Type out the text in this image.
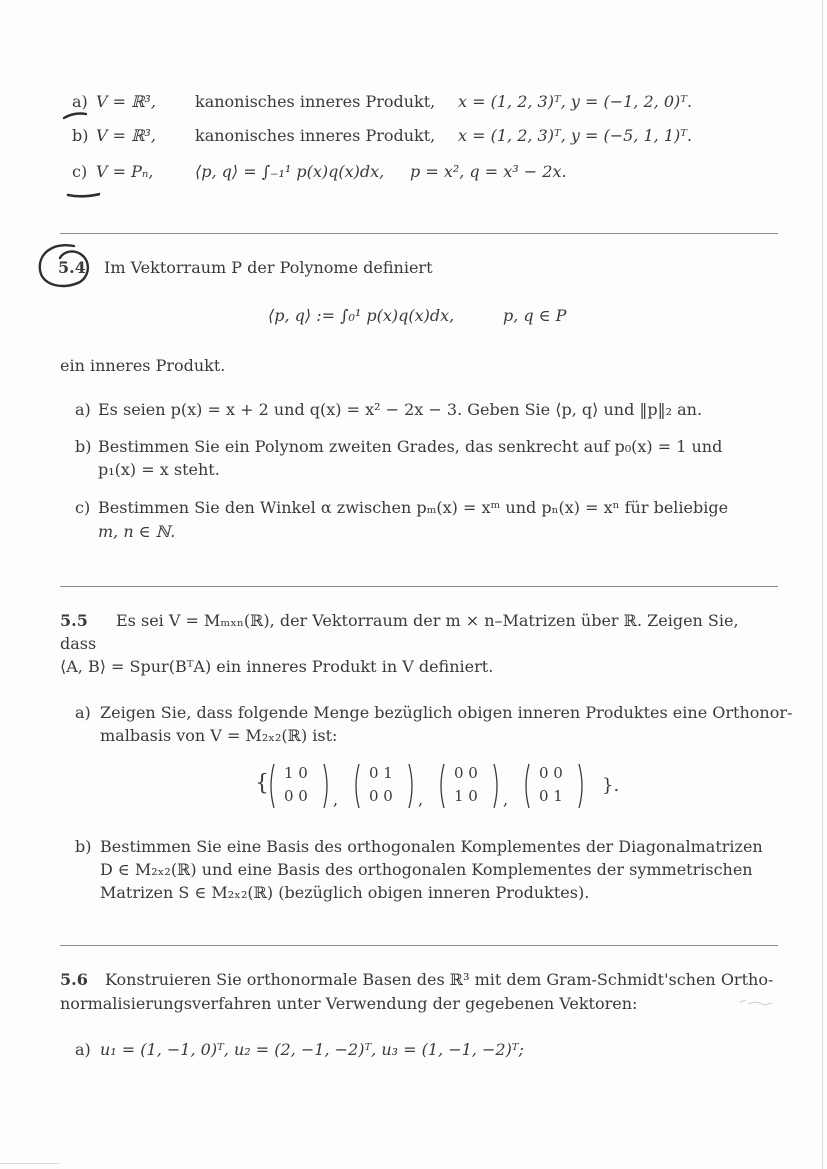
a) V = ℝ³, kanonisches inneres Produkt, x = (1, 2, 3)ᵀ, y = (−1, 2, 0)ᵀ.
b) V = ℝ³, kanonisches inneres Produkt, x = (1, 2, 3)ᵀ, y = (−5, 1, 1)ᵀ.
c) V = Pₙ,	⟨p, q⟩ = ∫₋₁¹ p(x)q(x)dx, p = x², q = x³ − 2x.
5.4 Im Vektorraum P der Polynome definiert
⟨p, q⟩ := ∫₀¹ p(x)q(x)dx,	p, q ∈ P
ein inneres Produkt.
a) Es seien p(x) = x + 2 und q(x) = x² − 2x − 3. Geben Sie ⟨p, q⟩ und ‖p‖₂ an.
b) Bestimmen Sie ein Polynom zweiten Grades, das senkrecht auf p₀(x) = 1 und
p₁(x) = x steht.
c) Bestimmen Sie den Winkel α zwischen pₘ(x) = xᵐ und pₙ(x) = xⁿ für beliebige
m, n ∈ ℕ.
5.5 Es sei V = Mₘₓₙ(ℝ), der Vektorraum der m × n–Matrizen über ℝ. Zeigen Sie,
dass
⟨A, B⟩ = Spur(BᵀA) ein inneres Produkt in V definiert.
a) Zeigen Sie, dass folgende Menge bezüglich obigen inneren Produktes eine Orthonor-
malbasis von V = M₂ₓ₂(ℝ) ist:
{ 1 0
0 0 ,
0 1
0 0 ,
0 0
1 0 ,
0 0
0 1 }.
b) Bestimmen Sie eine Basis des orthogonalen Komplementes der Diagonalmatrizen
D ∈ M₂ₓ₂(ℝ) und eine Basis des orthogonalen Komplementes der symmetrischen
Matrizen S ∈ M₂ₓ₂(ℝ) (bezüglich obigen inneren Produktes).
5.6 Konstruieren Sie orthonormale Basen des ℝ³ mit dem Gram-Schmidt'schen Ortho-
normalisierungsverfahren unter Verwendung der gegebenen Vektoren:
a) u₁ = (1, −1, 0)ᵀ, u₂ = (2, −1, −2)ᵀ, u₃ = (1, −1, −2)ᵀ;
